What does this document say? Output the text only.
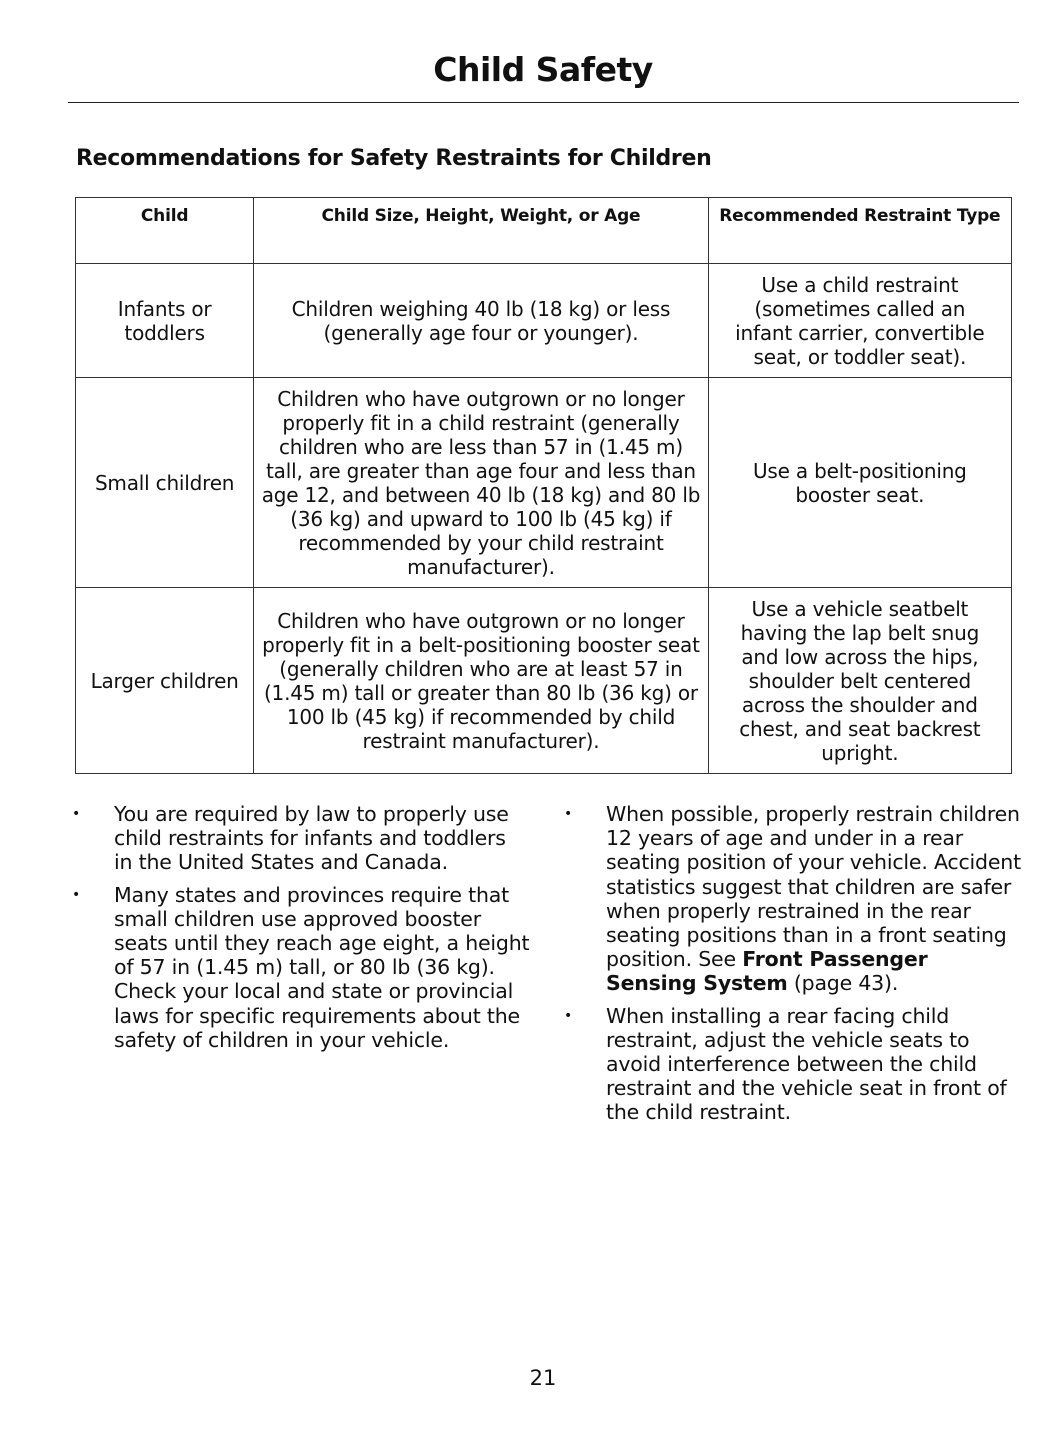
Child Safety
Recommendations for Safety Restraints for Children
Child	Child Size, Height, Weight, or Age	Recommended Restraint Type
Infants or toddlers	Children weighing 40 lb (18 kg) or less (generally age four or younger).	Use a child restraint (sometimes called an infant carrier, convertible seat, or toddler seat).
Small children	Children who have outgrown or no longer properly fit in a child restraint (generally children who are less than 57 in (1.45 m) tall, are greater than age four and less than age 12, and between 40 lb (18 kg) and 80 lb (36 kg) and upward to 100 lb (45 kg) if recommended by your child restraint manufacturer).	Use a belt-positioning booster seat.
Larger children	Children who have outgrown or no longer properly fit in a belt-positioning booster seat (generally children who are at least 57 in (1.45 m) tall or greater than 80 lb (36 kg) or 100 lb (45 kg) if recommended by child restraint manufacturer).	Use a vehicle seatbelt having the lap belt snug and low across the hips, shoulder belt centered across the shoulder and chest, and seat backrest upright.
• You are required by law to properly use child restraints for infants and toddlers in the United States and Canada.
• Many states and provinces require that small children use approved booster seats until they reach age eight, a height of 57 in (1.45 m) tall, or 80 lb (36 kg). Check your local and state or provincial laws for specific requirements about the safety of children in your vehicle.
• When possible, properly restrain children 12 years of age and under in a rear seating position of your vehicle. Accident statistics suggest that children are safer when properly restrained in the rear seating positions than in a front seating position. See Front Passenger Sensing System (page 43).
• When installing a rear facing child restraint, adjust the vehicle seats to avoid interference between the child restraint and the vehicle seat in front of the child restraint.
21
